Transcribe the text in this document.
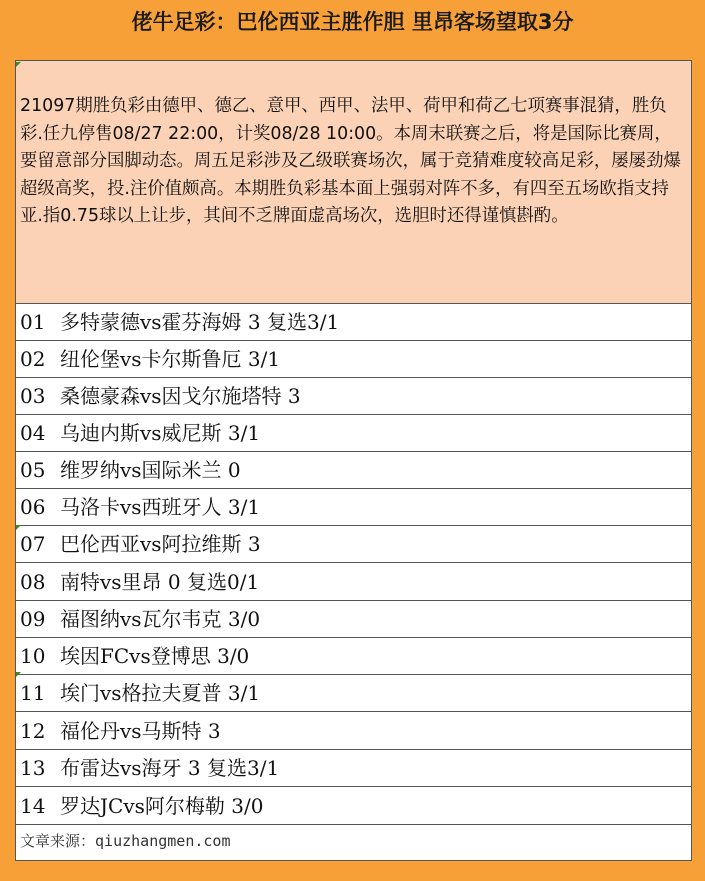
佬牛足彩：巴伦西亚主胜作胆 里昂客场望取3分
21097期胜负彩由德甲、德乙、意甲、西甲、法甲、荷甲和荷乙七项赛事混猜，胜负彩.任九停售08/27 22:00，计奖08/28 10:00。本周末联赛之后，将是国际比赛周，要留意部分国脚动态。周五足彩涉及乙级联赛场次，属于竞猜难度较高足彩，屡屡劲爆超级高奖，投.注价值颇高。本期胜负彩基本面上强弱对阵不多，有四至五场欧指支持亚.指0.75球以上让步，其间不乏牌面虚高场次，选胆时还得谨慎斟酌。
01 多特蒙德vs霍芬海姆 3 复选3/1
02 纽伦堡vs卡尔斯鲁厄 3/1
03 桑德豪森vs因戈尔施塔特 3
04 乌迪内斯vs威尼斯 3/1
05 维罗纳vs国际米兰 0
06 马洛卡vs西班牙人 3/1
07 巴伦西亚vs阿拉维斯 3
08 南特vs里昂 0 复选0/1
09 福图纳vs瓦尔韦克 3/0
10 埃因FCvs登博思 3/0
11 埃门vs格拉夫夏普 3/1
12 福伦丹vs马斯特 3
13 布雷达vs海牙 3 复选3/1
14 罗达JCvs阿尔梅勒 3/0
文章来源：qiuzhangmen.com
